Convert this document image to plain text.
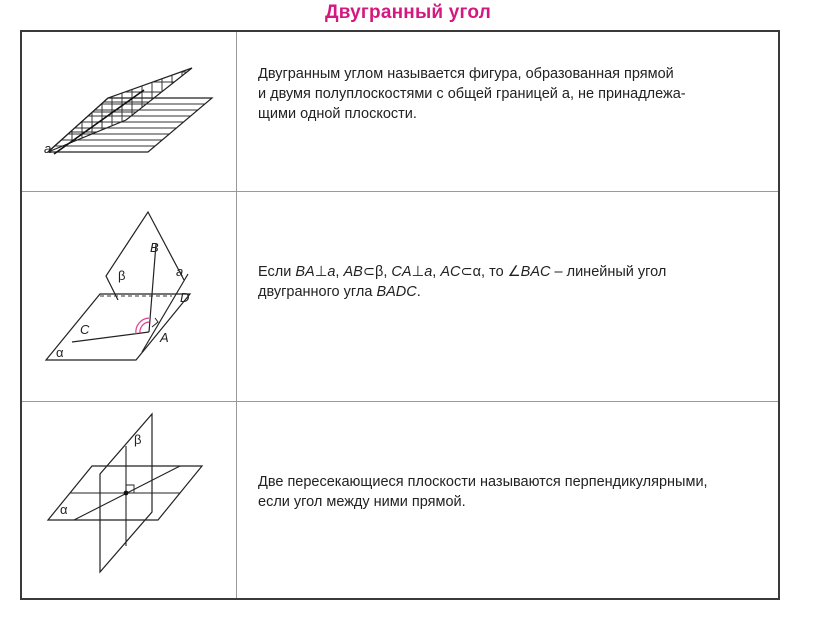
Двугранный угол
a
Двугранным углом называется фигура, образованная прямой
и двумя полуплоскостями с общей границей a, не принадлежа-
щими одной плоскости.
B
β	a
D
C
A
α
Если BA⊥a, AB⊂β, CA⊥a, AC⊂α, то ∠BAC – линейный угол
двугранного угла BADC.
β
α
Две пересекающиеся плоскости называются перпендикулярными,
если угол между ними прямой.
